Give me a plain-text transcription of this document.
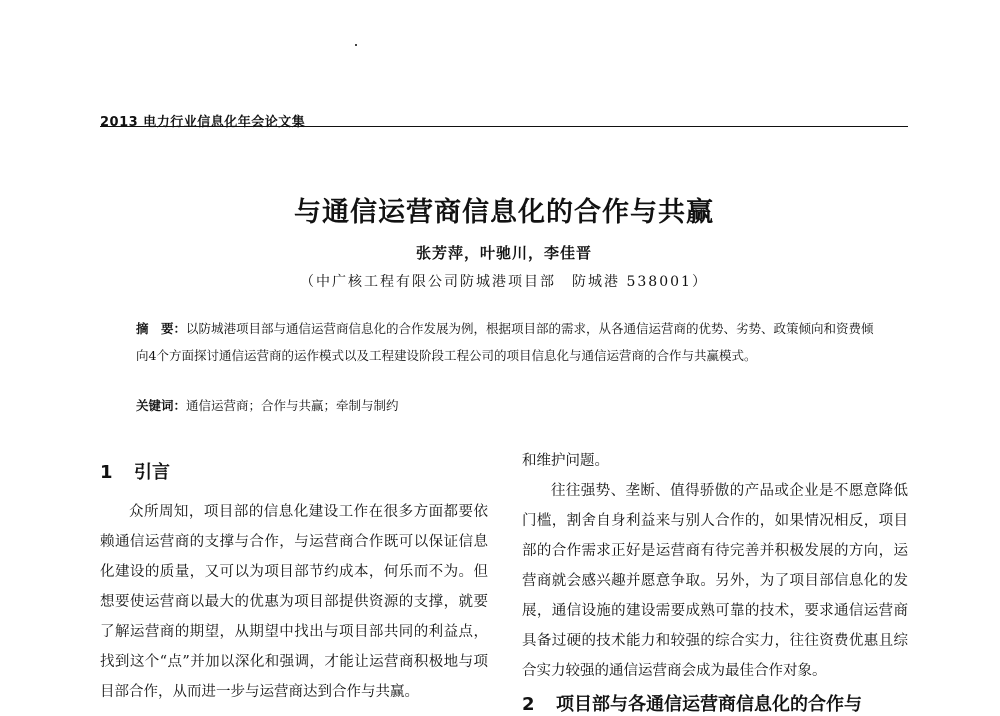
2013 电力行业信息化年会论文集
与通信运营商信息化的合作与共赢
张芳萍，叶驰川，李佳晋
（中广核工程有限公司防城港项目部　防城港 538001）
摘　要：以防城港项目部与通信运营商信息化的合作发展为例，根据项目部的需求，从各通信运营商的优势、劣势、政策倾向和资费倾向4个方面探讨通信运营商的运作模式以及工程建设阶段工程公司的项目信息化与通信运营商的合作与共赢模式。
关键词：通信运营商；合作与共赢；牵制与制约
1 引言

众所周知，项目部的信息化建设工作在很多方面都要依赖通信运营商的支撑与合作，与运营商合作既可以保证信息化建设的质量，又可以为项目部节约成本，何乐而不为。但想要使运营商以最大的优惠为项目部提供资源的支撑，就要了解运营商的期望，从期望中找出与项目部共同的利益点，找到这个“点”并加以深化和强调，才能让运营商积极地与项目部合作，从而进一步与运营商达到合作与共赢。

和维护问题。

往往强势、垄断、值得骄傲的产品或企业是不愿意降低门槛，割舍自身利益来与别人合作的，如果情况相反，项目部的合作需求正好是运营商有待完善并积极发展的方向，运营商就会感兴趣并愿意争取。另外，为了项目部信息化的发展，通信设施的建设需要成熟可靠的技术，要求通信运营商具备过硬的技术能力和较强的综合实力，往往资费优惠且综合实力较强的通信运营商会成为最佳合作对象。

2 项目部与各通信运营商信息化的合作与
